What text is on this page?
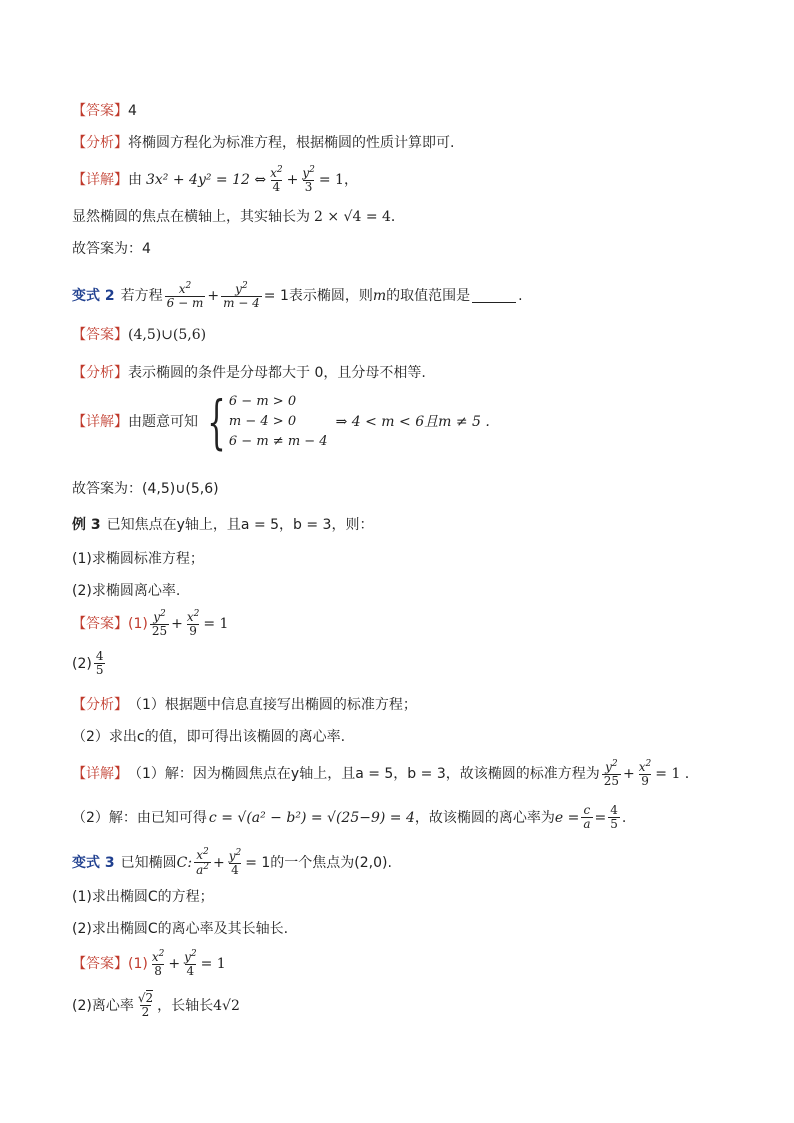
【答案】 4
【分析】 将椭圆方程化为标准方程，根据椭圆的性质计算即可.
【详解】 由 3x² + 4y² = 12 ⇔ $\frac{x^2}{4} + \frac{y^2}{3} = 1$，
显然椭圆的焦点在横轴上，其实轴长为 2 × √4 = 4 ．
故答案为：4
变式 2 若方程 $\frac{x^2}{6 - m} + \frac{y^2}{m - 4} = 1$表示椭圆，则 m 的取值范围是	.
【答案】 (4,5)∪(5,6)
【分析】 表示椭圆的条件是分母都大于 0，且分母不相等.
【详解】 由题意可知 { 6 − m > 0
m − 4 > 0
6 − m ≠ m − 4
⇒ 4 < m < 6且m ≠ 5 .
故答案为：(4,5)∪(5,6)
例 3 已知焦点在y轴上，且a = 5，b = 3，则：
(1)求椭圆标准方程；
(2)求椭圆离心率.
【答案】 $(1) \frac{y^2}{25} + \frac{x^2}{9} = 1$
$(2) \frac{4}{5}$
【分析】 （1）根据题中信息直接写出椭圆的标准方程；
（2）求出c的值，即可得出该椭圆的离心率.
【详解】 （1）解：因为椭圆焦点在y轴上，且a = 5，b = 3，故该椭圆的标准方程为 $\frac{y^2}{25} + \frac{x^2}{9} = 1$ .
（2）解：由已知可得 c = √(a² − b²) = √(25−9) = 4 ，故该椭圆的离心率为 $e = \frac{c}{a} = \frac{4}{5}$ .
变式 3 已知椭圆 C: $\frac{x^2}{a^2} + \frac{y^2}{4} = 1$的一个焦点为(2,0).
(1)求出椭圆C的方程；
(2)求出椭圆C的离心率及其长轴长.
【答案】 $(1) \frac{x^2}{8} + \frac{y^2}{4} = 1$
(2)离心率 $\frac{√2}{2}$ ，长轴长 4√2
